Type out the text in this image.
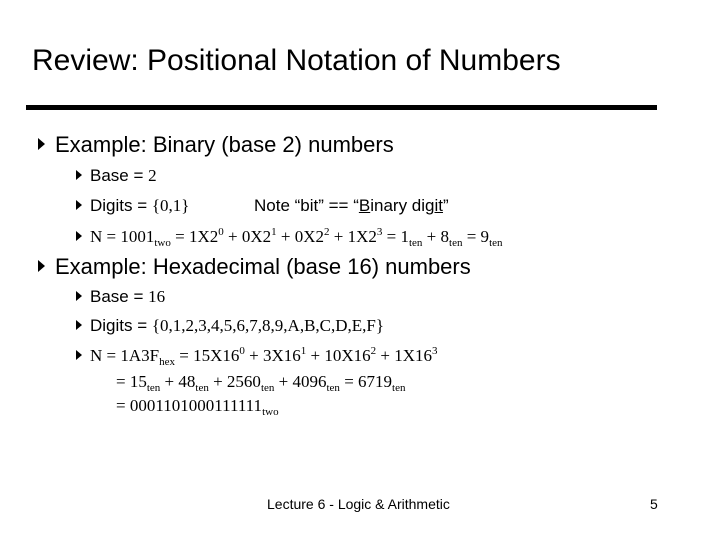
Review: Positional Notation of Numbers
Example: Binary (base 2) numbers
Base = 2
Digits = {0,1}	Note “bit” == “Binary digit”
$N = 1001_{two} = 1X2^0 + 0X2^1 + 0X2^2 + 1X2^3 = 1_{ten} + 8_{ten} = 9_{ten}$
Example: Hexadecimal (base 16) numbers
Base = 16
Digits = {0,1,2,3,4,5,6,7,8,9,A,B,C,D,E,F}
$N = 1A3F_{hex} = 15X16^0 + 3X16^1 + 10X16^2 + 1X16^3$
= $15_{ten} + 48_{ten} + 2560_{ten} + 4096_{ten} = 6719_{ten}$
= $0001101000111111_{two}$
Lecture 6 - Logic & Arithmetic	5
